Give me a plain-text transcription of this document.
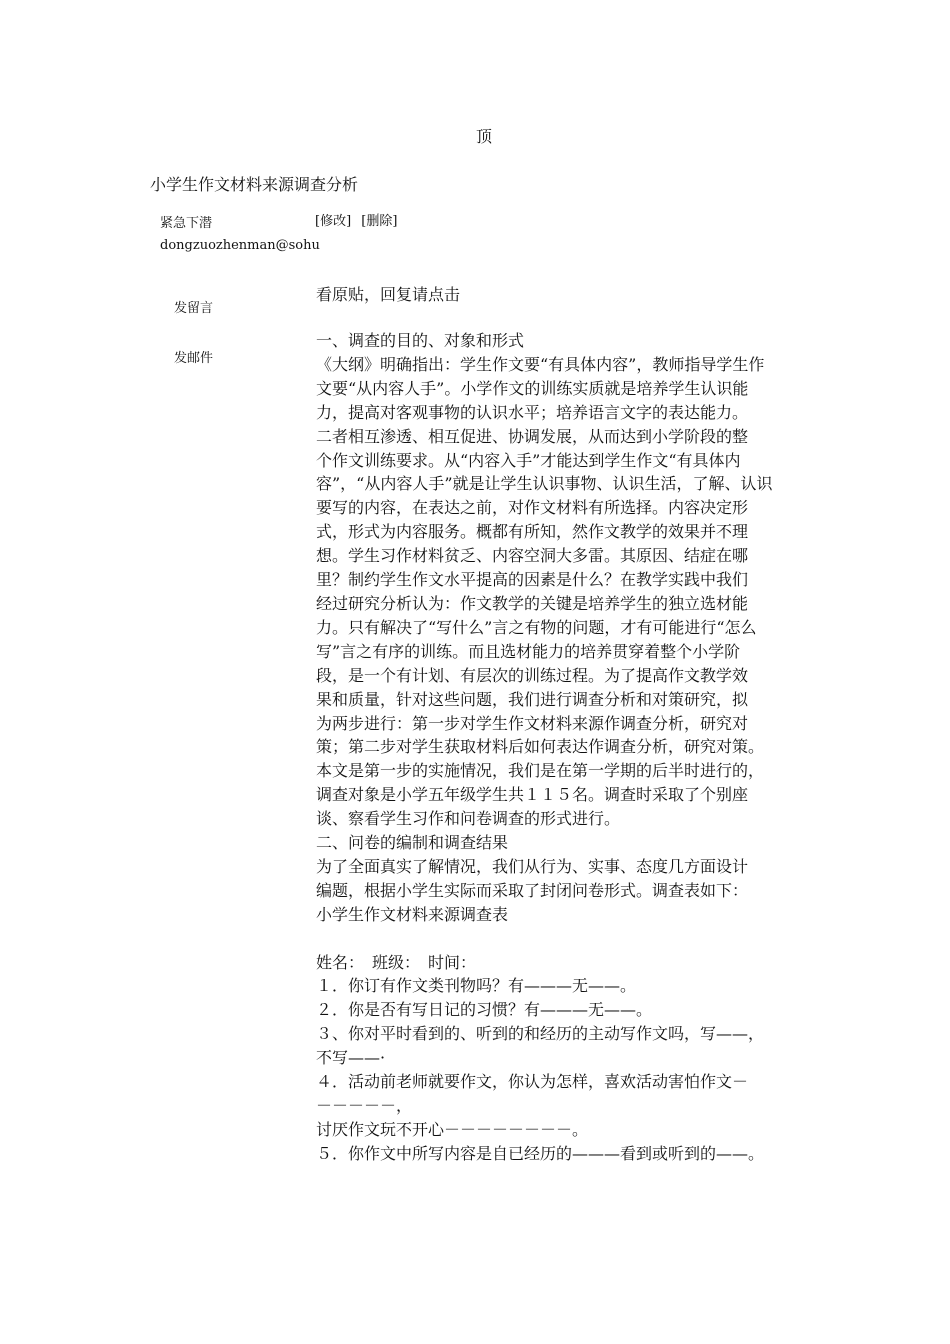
顶
小学生作文材料来源调查分析
紧急下潜	[修改] [删除]
dongzuozhenman@sohu
发留言
发邮件
看原贴，回复请点击

一、调查的目的、对象和形式

《大纲》明确指出：学生作文要“有具体内容”，教师指导学生作

文要“从内容人手”。小学作文的训练实质就是培养学生认识能

力，提高对客观事物的认识水平；培养语言文字的表达能力。

二者相互渗透、相互促进、协调发展，从而达到小学阶段的整

个作文训练要求。从“内容入手”才能达到学生作文“有具体内

容”，“从内容人手”就是让学生认识事物、认识生活，了解、认识

要写的内容，在表达之前，对作文材料有所选择。内容决定形

式，形式为内容服务。概都有所知，然作文教学的效果并不理

想。学生习作材料贫乏、内容空洞大多雷。其原因、结症在哪

里？制约学生作文水平提高的因素是什么？在教学实践中我们

经过研究分析认为：作文教学的关键是培养学生的独立选材能

力。只有解决了“写什么”言之有物的问题，才有可能进行“怎么

写”言之有序的训练。而且选材能力的培养贯穿着整个小学阶

段，是一个有计划、有层次的训练过程。为了提高作文教学效

果和质量，针对这些问题，我们进行调查分析和对策研究，拟

为两步进行：第一步对学生作文材料来源作调查分析，研究对

策；第二步对学生获取材料后如何表达作调查分析，研究对策。

本文是第一步的实施情况，我们是在第一学期的后半时进行的，

调查对象是小学五年级学生共１１５名。调查时采取了个别座

谈、察看学生习作和问卷调查的形式进行。

二、问卷的编制和调查结果

为了全面真实了解情况，我们从行为、实事、态度几方面设计

编题，根据小学生实际而采取了封闭问卷形式。调查表如下：

小学生作文材料来源调查表

姓名：　班级：　时间：

１．你订有作文类刊物吗？有———无——。

２．你是否有写日记的习惯？有———无——。

３、你对平时看到的、听到的和经历的主动写作文吗，写——，

不写——·

４．活动前老师就要作文，你认为怎样，喜欢活动害怕作文－

－－－－－，

讨厌作文玩不开心－－－－－－－－。

５．你作文中所写内容是自已经历的———看到或听到的——。
